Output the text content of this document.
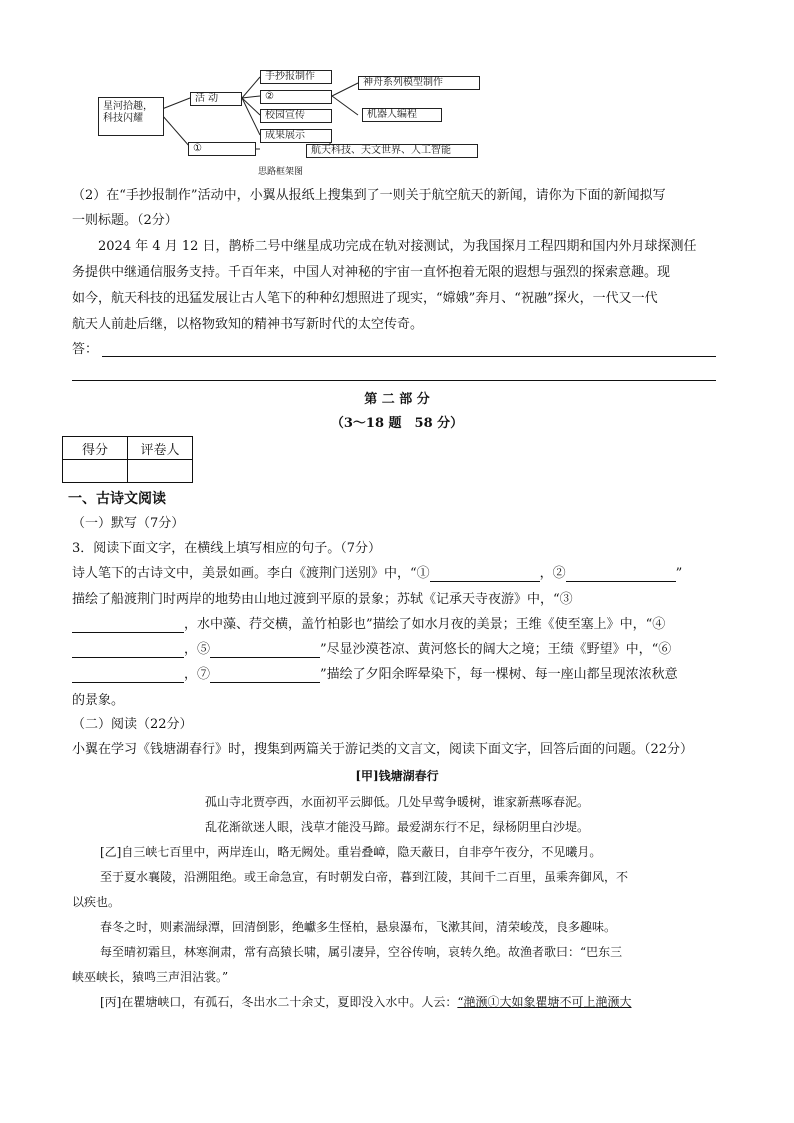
星河拾趣，
科技闪耀
活 动
手抄报制作
②
校园宣传
成果展示
神舟系列模型制作
机器人编程
①	航天科技、天文世界、人工智能
思路框架图
（2）在“手抄报制作”活动中，小翼从报纸上搜集到了一则关于航空航天的新闻，请你为下面的新闻拟写
一则标题。（2分）
2024 年 4 月 12 日，鹊桥二号中继星成功完成在轨对接测试，为我国探月工程四期和国内外月球探测任
务提供中继通信服务支持。千百年来，中国人对神秘的宇宙一直怀抱着无限的遐想与强烈的探索意趣。现
如今，航天科技的迅猛发展让古人笔下的种种幻想照进了现实，“嫦娥”奔月、“祝融”探火，一代又一代
航天人前赴后继，以格物致知的精神书写新时代的太空传奇。
答：
第 二 部 分
（3～18 题　58 分）
得分	评卷人

一、古诗文阅读
（一）默写（7分）
3．阅读下面文字，在横线上填写相应的句子。（7分）
诗人笔下的古诗文中，美景如画。李白《渡荆门送别》中，“①	，②	”
描绘了船渡荆门时两岸的地势由山地过渡到平原的景象；苏轼《记承天寺夜游》中，“③
，水中藻、荇交横，盖竹柏影也”描绘了如水月夜的美景；王维《使至塞上》中，“④
，⑤	”尽显沙漠苍凉、黄河悠长的阔大之境；王绩《野望》中，“⑥
，⑦	”描绘了夕阳余晖晕染下，每一棵树、每一座山都呈现浓浓秋意
的景象。
（二）阅读（22分）
小翼在学习《钱塘湖春行》时，搜集到两篇关于游记类的文言文，阅读下面文字，回答后面的问题。（22分）
[甲]钱塘湖春行
孤山寺北贾亭西，水面初平云脚低。几处早莺争暖树，谁家新燕啄春泥。
乱花渐欲迷人眼，浅草才能没马蹄。最爱湖东行不足，绿杨阴里白沙堤。
[乙]自三峡七百里中，两岸连山，略无阙处。重岩叠嶂，隐天蔽日，自非亭午夜分，不见曦月。
至于夏水襄陵，沿溯阻绝。或王命急宣，有时朝发白帝，暮到江陵，其间千二百里，虽乘奔御风，不
以疾也。
春冬之时，则素湍绿潭，回清倒影，绝巘多生怪柏，悬泉瀑布，飞漱其间，清荣峻茂，良多趣味。
每至晴初霜旦，林寒涧肃，常有高猿长啸，属引凄异，空谷传响，哀转久绝。故渔者歌曰：“巴东三
峡巫峡长，猿鸣三声泪沾裳。”
[丙]在瞿塘峡口，有孤石，冬出水二十余丈，夏即没入水中。人云：“滟滪①大如象瞿塘不可上滟滪大
